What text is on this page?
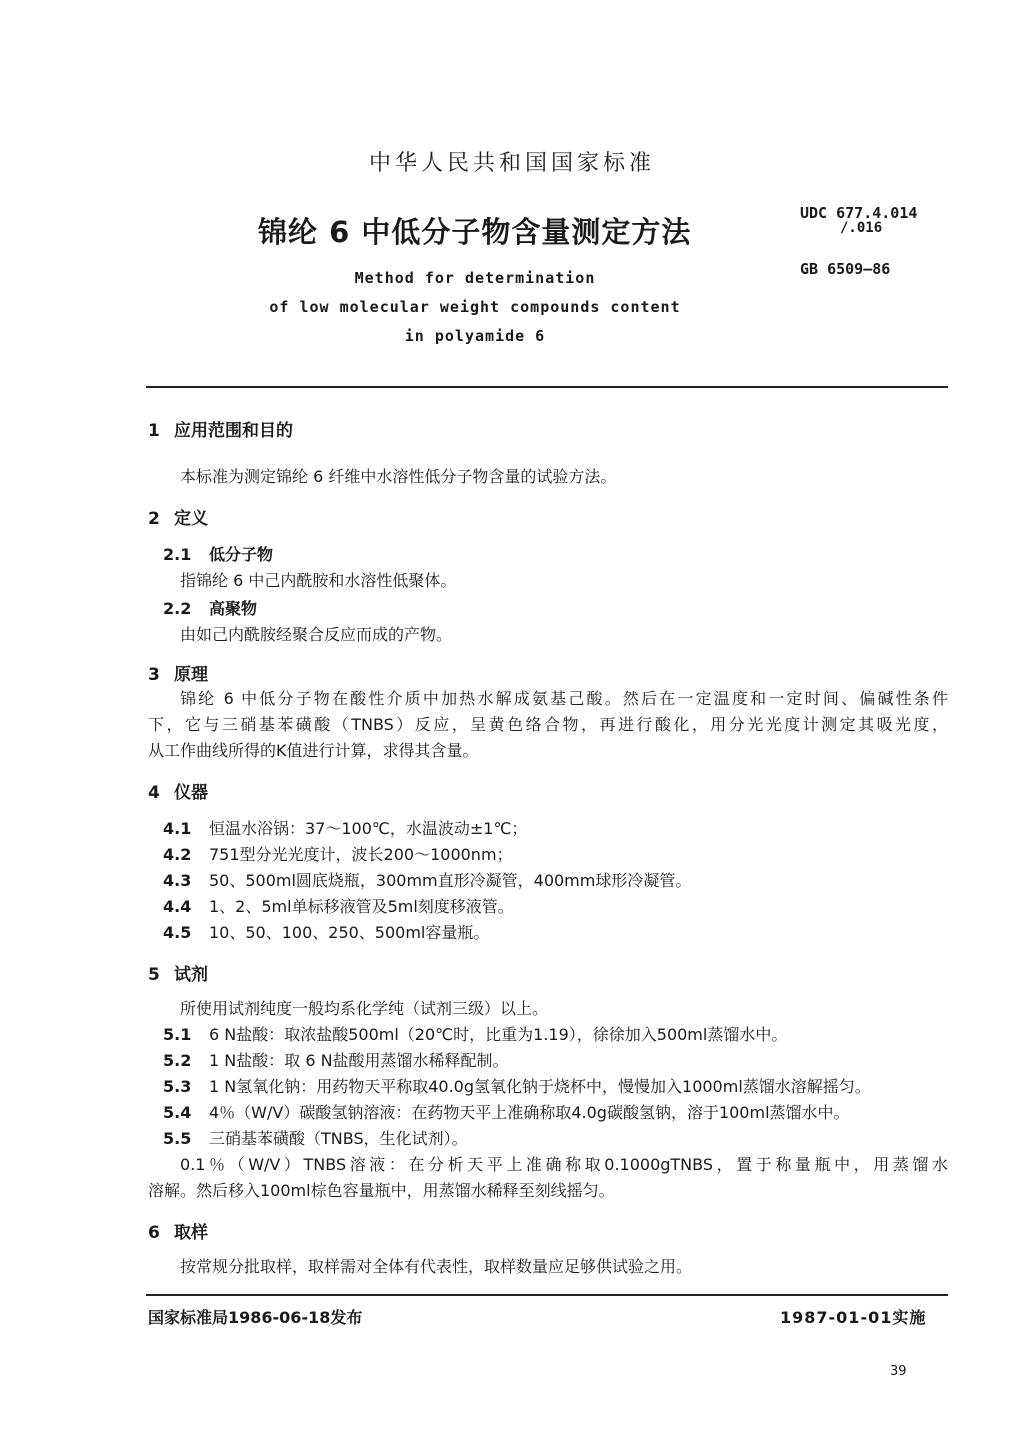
中华人民共和国国家标准
锦纶 6 中低分子物含量测定方法
Method for determination
of low molecular weight compounds content
in polyamide 6
UDC 677.4.014
/.016
GB 6509—86
1 应用范围和目的
本标准为测定锦纶 6 纤维中水溶性低分子物含量的试验方法。
2 定义
2.1 低分子物
指锦纶 6 中己内酰胺和水溶性低聚体。
2.2 高聚物
由如己内酰胺经聚合反应而成的产物。
3 原理
锦纶 6 中低分子物在酸性介质中加热水解成氨基己酸。然后在一定温度和一定时间、偏碱性条件
下，它与三硝基苯磺酸（TNBS）反应，呈黄色络合物，再进行酸化，用分光光度计测定其吸光度，
从工作曲线所得的K值进行计算，求得其含量。
4 仪器
4.1 恒温水浴锅：37～100℃，水温波动±1℃；
4.2 751型分光光度计，波长200～1000nm；
4.3 50、500ml圆底烧瓶，300mm直形冷凝管，400mm球形冷凝管。
4.4 1、2、5ml单标移液管及5ml刻度移液管。
4.5 10、50、100、250、500ml容量瓶。
5 试剂
所使用试剂纯度一般均系化学纯（试剂三级）以上。
5.1 6 N盐酸：取浓盐酸500ml（20℃时，比重为1.19），徐徐加入500ml蒸馏水中。
5.2 1 N盐酸：取 6 N盐酸用蒸馏水稀释配制。
5.3 1 N氢氧化钠：用药物天平称取40.0g氢氧化钠于烧杯中，慢慢加入1000ml蒸馏水溶解摇匀。
5.4 4％（W/V）碳酸氢钠溶液：在药物天平上准确称取4.0g碳酸氢钠，溶于100ml蒸馏水中。
5.5 三硝基苯磺酸（TNBS，生化试剂）。
0.1％（W/V）TNBS溶液：在分析天平上准确称取0.1000gTNBS，置于称量瓶中，用蒸馏水
溶解。然后移入100ml棕色容量瓶中，用蒸馏水稀释至刻线摇匀。
6 取样
按常规分批取样，取样需对全体有代表性，取样数量应足够供试验之用。
国家标准局1986-06-18发布	1987-01-01实施
39
